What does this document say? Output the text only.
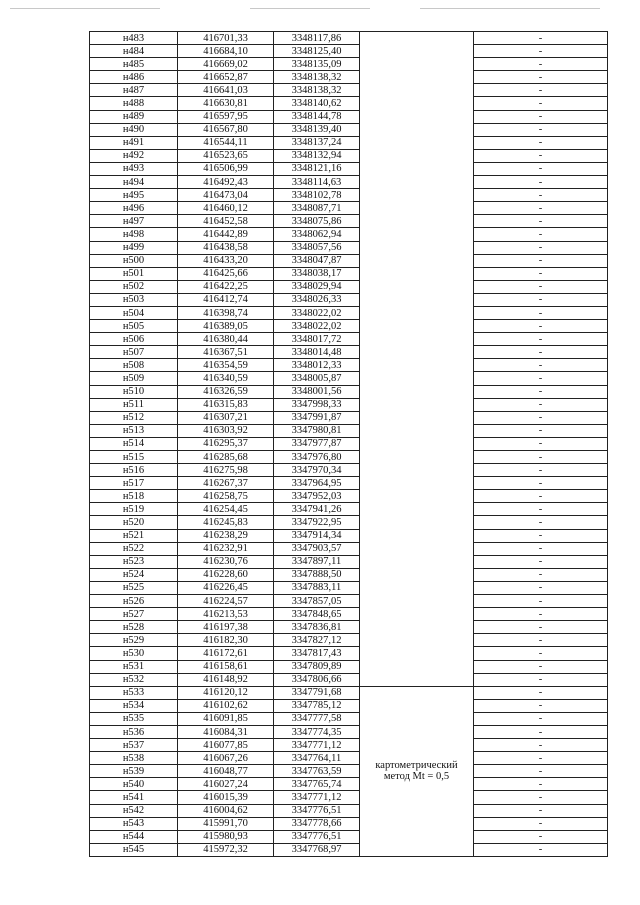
н483	416701,33	3348117,86		-
н484	416684,10	3348125,40		-
н485	416669,02	3348135,09		-
н486	416652,87	3348138,32		-
н487	416641,03	3348138,32		-
н488	416630,81	3348140,62		-
н489	416597,95	3348144,78		-
н490	416567,80	3348139,40		-
н491	416544,11	3348137,24		-
н492	416523,65	3348132,94		-
н493	416506,99	3348121,16		-
н494	416492,43	3348114,63		-
н495	416473,04	3348102,78		-
н496	416460,12	3348087,71		-
н497	416452,58	3348075,86		-
н498	416442,89	3348062,94		-
н499	416438,58	3348057,56		-
н500	416433,20	3348047,87		-
н501	416425,66	3348038,17		-
н502	416422,25	3348029,94		-
н503	416412,74	3348026,33		-
н504	416398,74	3348022,02		-
н505	416389,05	3348022,02		-
н506	416380,44	3348017,72		-
н507	416367,51	3348014,48		-
н508	416354,59	3348012,33		-
н509	416340,59	3348005,87		-
н510	416326,59	3348001,56		-
н511	416315,83	3347998,33		-
н512	416307,21	3347991,87		-
н513	416303,92	3347980,81		-
н514	416295,37	3347977,87		-
н515	416285,68	3347976,80		-
н516	416275,98	3347970,34		-
н517	416267,37	3347964,95		-
н518	416258,75	3347952,03		-
н519	416254,45	3347941,26		-
н520	416245,83	3347922,95		-
н521	416238,29	3347914,34		-
н522	416232,91	3347903,57		-
н523	416230,76	3347897,11		-
н524	416228,60	3347888,50		-
н525	416226,45	3347883,11		-
н526	416224,57	3347857,05		-
н527	416213,53	3347848,65		-
н528	416197,38	3347836,81		-
н529	416182,30	3347827,12		-
н530	416172,61	3347817,43		-
н531	416158,61	3347809,89		-
н532	416148,92	3347806,66		-
н533	416120,12	3347791,68	картометрический метод Mt = 0,5	-
н534	416102,62	3347785,12		-
н535	416091,85	3347777,58		-
н536	416084,31	3347774,35		-
н537	416077,85	3347771,12		-
н538	416067,26	3347764,11		-
н539	416048,77	3347763,59		-
н540	416027,24	3347765,74		-
н541	416015,39	3347771,12		-
н542	416004,62	3347776,51		-
н543	415991,70	3347778,66		-
н544	415980,93	3347776,51		-
н545	415972,32	3347768,97		-
